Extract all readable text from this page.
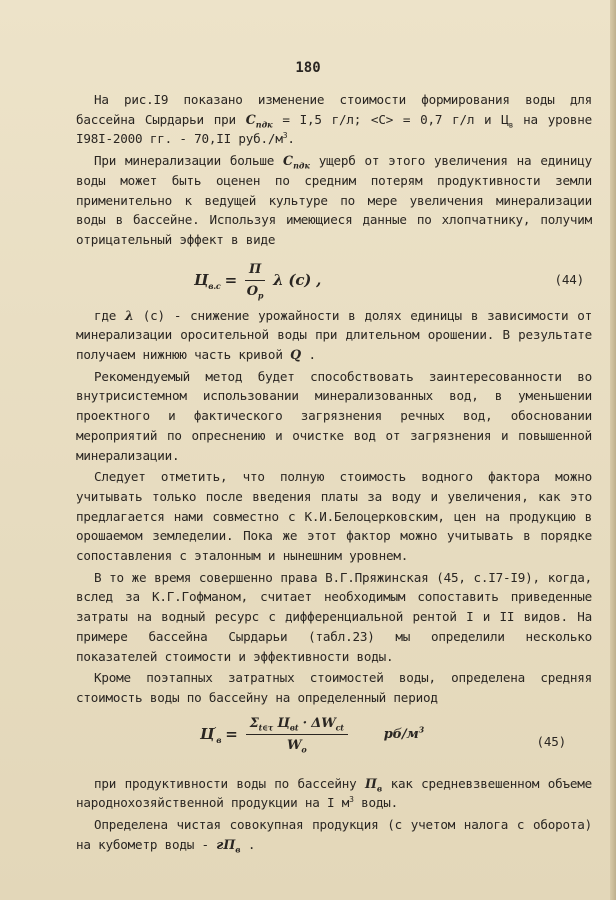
180

На рис.I9 показано изменение стоимости формирования воды для бассейна Сырдарьи при $С_{пдк} = I,5$ г/л; <С> = 0,7 г/л и $Ц_в$ на уровне I98I-2000 гг. - 70,II $руб./м^3$.

При минерализации больше $С_{пдк}$ ущерб от этого увеличения на единицу воды может быть оценен по средним потерям продуктивности земли применительно к ведущей культуре по мере увеличения минерализации воды в бассейне. Используя имеющиеся данные по хлопчатнику, получим отрицательный эффект в виде

$Ц_{в.с} = \frac{П}{О_р}$ λ (с) ,	(44)

где λ (с) - снижение урожайности в долях единицы в зависимости от минерализации оросительной воды при длительном орошении. В результате получаем нижнюю часть кривой Q .

Рекомендуемый метод будет способствовать заинтересованности во внутрисистемном использовании минерализованных вод, в уменьшении проектного и фактического загрязнения речных вод, обосновании мероприятий по опреснению и очистке вод от загрязнения и повышенной минерализации.

Следует отметить, что полную стоимость водного фактора можно учитывать только после введения платы за воду и увеличения, как это предлагается нами совместно с К.И.Белоцерковским, цен на продукцию в орошаемом земледелии. Пока же этот фактор можно учитывать в порядке сопоставления с эталонным и нынешним уровнем.

В то же время совершенно права В.Г.Пряжинская (45, с.I7-I9), когда, вслед за К.Г.Гофманом, считает необходимым сопоставить приведенные затраты на водный ресурс с дифференциальной рентой I и II видов. На примере бассейна Сырдарьи (табл.23) мы определили несколько показателей стоимости и эффективности воды.

Кроме поэтапных затратных стоимостей воды, определена средняя стоимость воды по бассейну на определенный период

$Ц'_в = \frac{\Sigma_{t\in\tau} Ц_{вt} \cdot \Delta W_{ct}}{W_o}$	$рб/м^3$
(45)

при продуктивности воды по бассейну $П_в$ как средневзвешенном объеме народнохозяйственной продукции на I $м^3$ воды.

Определена чистая совокупная продукция (с учетом налога с оборота) на кубометр воды - $гП_в$ .
